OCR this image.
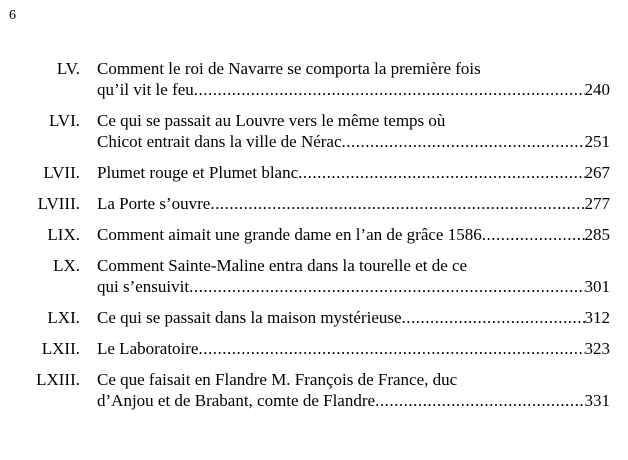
6
LV. Comment le roi de Navarre se comporta la première fois
qu’il vit le feu .....	240
LVI. Ce qui se passait au Louvre vers le même temps où
Chicot entrait dans la ville de Nérac .....	251
LVII. Plumet rouge et Plumet blanc .....	267
LVIII. La Porte s’ouvre .....	277
LIX. Comment aimait une grande dame en l’an de grâce 1586 .....	285
LX. Comment Sainte-Maline entra dans la tourelle et de ce
qui s’ensuivit .....	301
LXI. Ce qui se passait dans la maison mystérieuse .....	312
LXII. Le Laboratoire .....	323
LXIII. Ce que faisait en Flandre M. François de France, duc
d’Anjou et de Brabant, comte de Flandre .....	331
